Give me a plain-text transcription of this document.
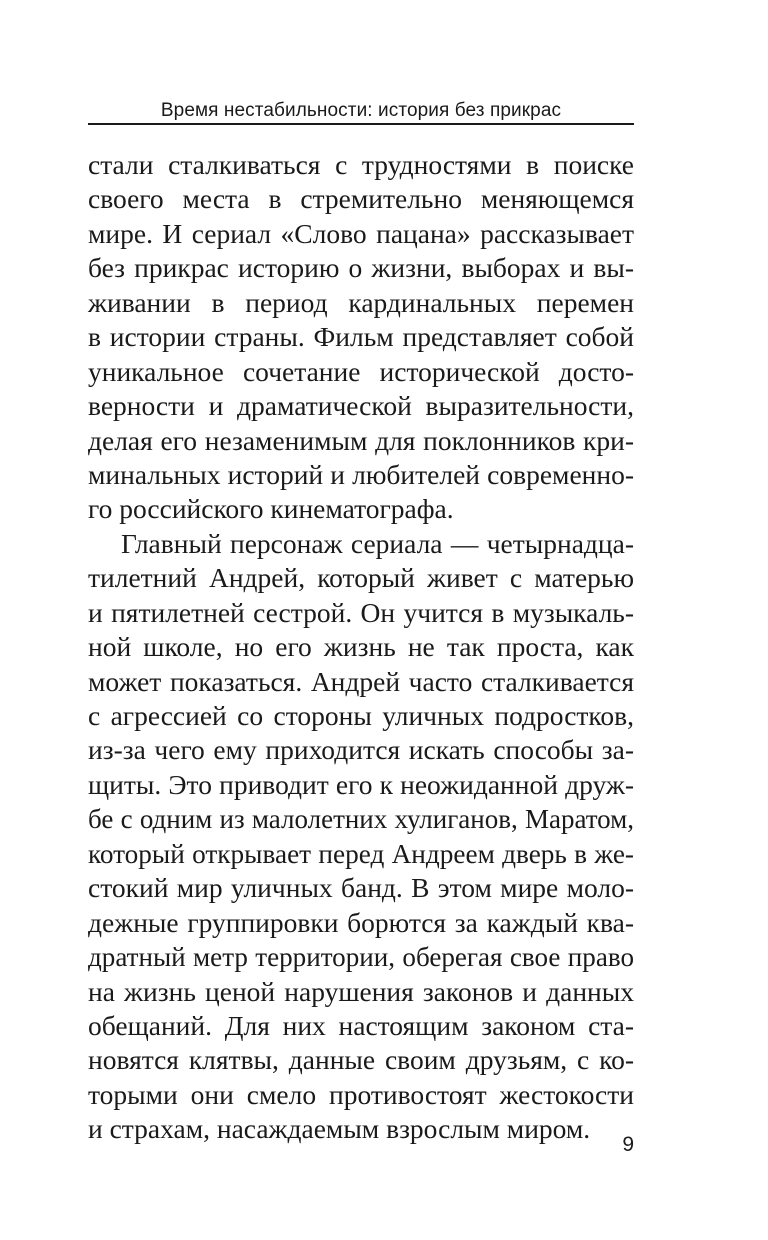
Время нестабильности: история без прикрас
стали сталкиваться с трудностями в поиске
своего места в стремительно меняющемся
мире. И сериал «Слово пацана» рассказывает
без прикрас историю о жизни, выборах и вы-
живании в период кардинальных перемен
в истории страны. Фильм представляет собой
уникальное сочетание исторической досто-
верности и драматической выразительности,
делая его незаменимым для поклонников кри-
минальных историй и любителей современно-
го российского кинематографа.
Главный персонаж сериала — четырнадца-
тилетний Андрей, который живет с матерью
и пятилетней сестрой. Он учится в музыкаль-
ной школе, но его жизнь не так проста, как
может показаться. Андрей часто сталкивается
с агрессией со стороны уличных подростков,
из-за чего ему приходится искать способы за-
щиты. Это приводит его к неожиданной друж-
бе с одним из малолетних хулиганов, Маратом,
который открывает перед Андреем дверь в же-
стокий мир уличных банд. В этом мире моло-
дежные группировки борются за каждый ква-
дратный метр территории, оберегая свое право
на жизнь ценой нарушения законов и данных
обещаний. Для них настоящим законом ста-
новятся клятвы, данные своим друзьям, с ко-
торыми они смело противостоят жестокости
и страхам, насаждаемым взрослым миром.
9
